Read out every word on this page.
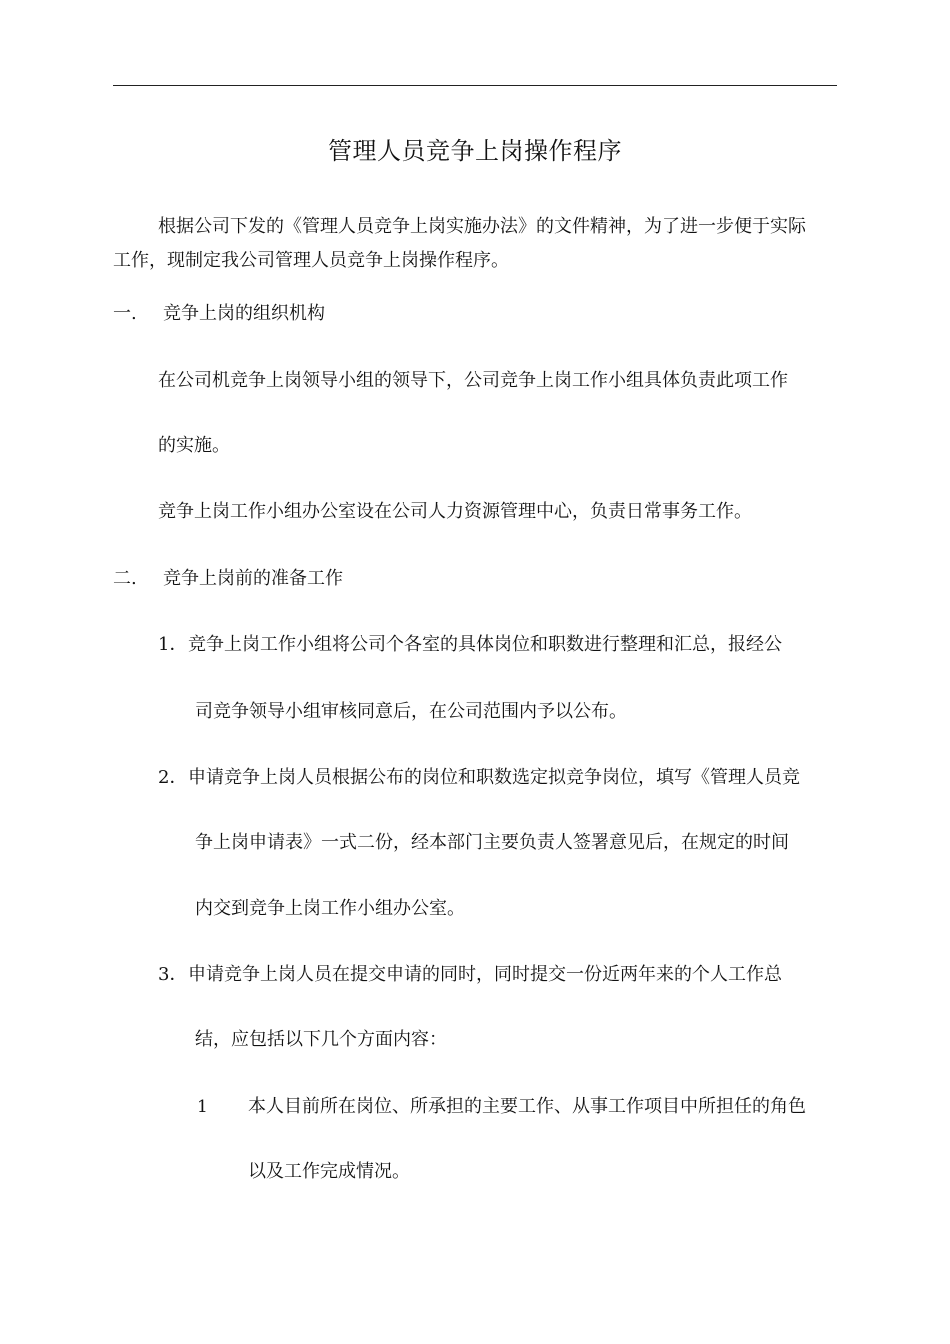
管理人员竞争上岗操作程序
根据公司下发的《管理人员竞争上岗实施办法》的文件精神，为了进一步便于实际
工作，现制定我公司管理人员竞争上岗操作程序。
一. 竞争上岗的组织机构
在公司机竞争上岗领导小组的领导下，公司竞争上岗工作小组具体负责此项工作
的实施。
竞争上岗工作小组办公室设在公司人力资源管理中心，负责日常事务工作。
二. 竞争上岗前的准备工作
1． 竞争上岗工作小组将公司个各室的具体岗位和职数进行整理和汇总，报经公
司竞争领导小组审核同意后，在公司范围内予以公布。
2． 申请竞争上岗人员根据公布的岗位和职数选定拟竞争岗位，填写《管理人员竞
争上岗申请表》一式二份，经本部门主要负责人签署意见后，在规定的时间
内交到竞争上岗工作小组办公室。
3． 申请竞争上岗人员在提交申请的同时，同时提交一份近两年来的个人工作总
结，应包括以下几个方面内容：
1 本人目前所在岗位、所承担的主要工作、从事工作项目中所担任的角色
以及工作完成情况。
